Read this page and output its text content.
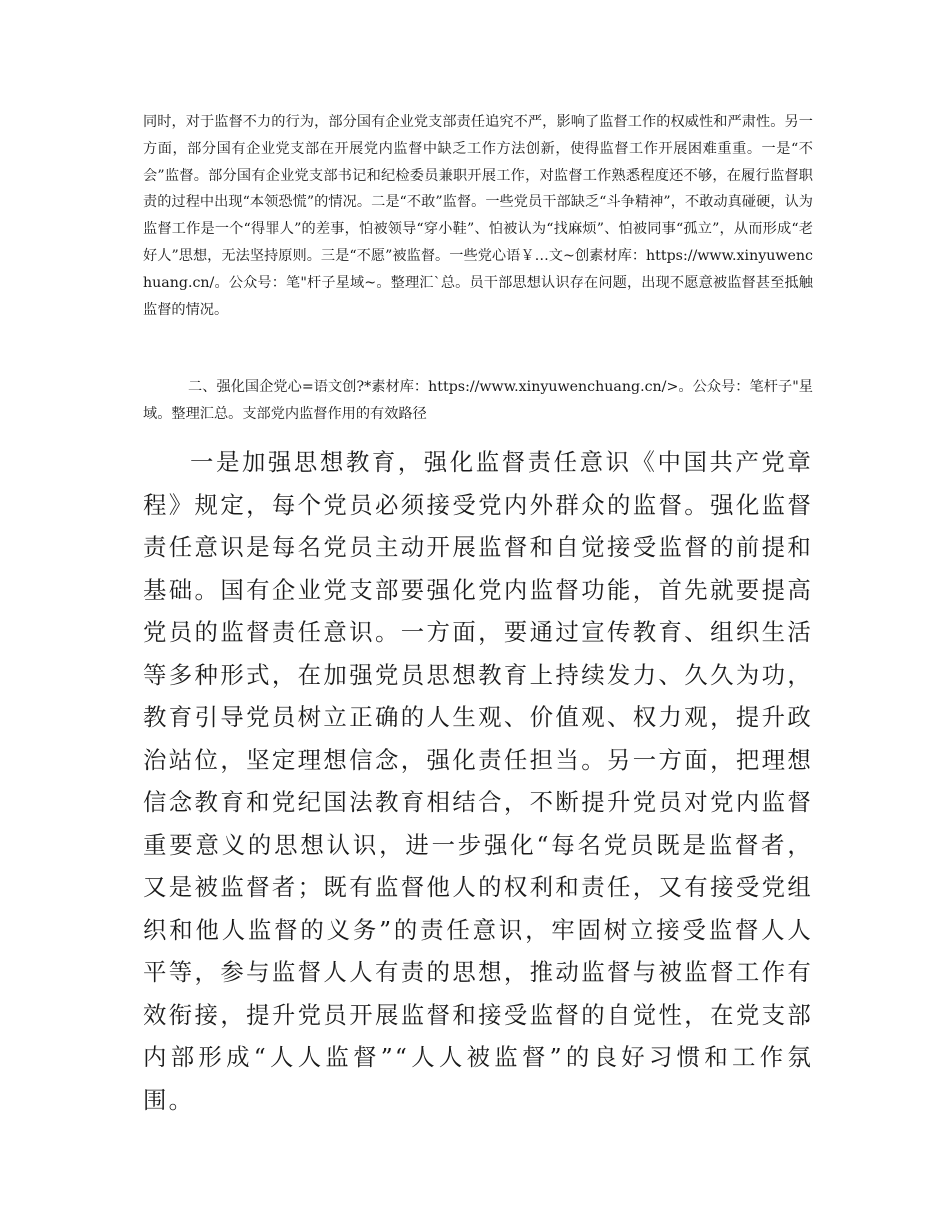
同时，对于监督不力的行为，部分国有企业党支部责任追究不严，影响了监督工作的权威性和严肃性。另一方面，部分国有企业党支部在开展党内监督中缺乏工作方法创新，使得监督工作开展困难重重。一是“不会”监督。部分国有企业党支部书记和纪检委员兼职开展工作，对监督工作熟悉程度还不够，在履行监督职责的过程中出现“本领恐慌”的情况。二是“不敢”监督。一些党员干部缺乏“斗争精神”，不敢动真碰硬，认为监督工作是一个“得罪人”的差事，怕被领导“穿小鞋”、怕被认为“找麻烦”、怕被同事“孤立”，从而形成“老好人”思想，无法坚持原则。三是“不愿”被监督。一些党心语￥…文~创素材库：https://www.xinyuwenchuang.cn/。公众号：笔"杆子星域~。整理汇`总。员干部思想认识存在问题，出现不愿意被监督甚至抵触监督的情况。

二、强化国企党心=语文创?*素材库：https://www.xinyuwenchuang.cn/>。公众号：笔杆子"星域。整理汇总。支部党内监督作用的有效路径

一是加强思想教育，强化监督责任意识《中国共产党章程》规定，每个党员必须接受党内外群众的监督。强化监督责任意识是每名党员主动开展监督和自觉接受监督的前提和基础。国有企业党支部要强化党内监督功能，首先就要提高党员的监督责任意识。一方面，要通过宣传教育、组织生活等多种形式，在加强党员思想教育上持续发力、久久为功，教育引导党员树立正确的人生观、价值观、权力观，提升政治站位，坚定理想信念，强化责任担当。另一方面，把理想信念教育和党纪国法教育相结合，不断提升党员对党内监督重要意义的思想认识，进一步强化“每名党员既是监督者，又是被监督者；既有监督他人的权利和责任，又有接受党组织和他人监督的义务”的责任意识，牢固树立接受监督人人平等，参与监督人人有责的思想，推动监督与被监督工作有效衔接，提升党员开展监督和接受监督的自觉性，在党支部内部形成“人人监督”“人人被监督”的良好习惯和工作氛围。
